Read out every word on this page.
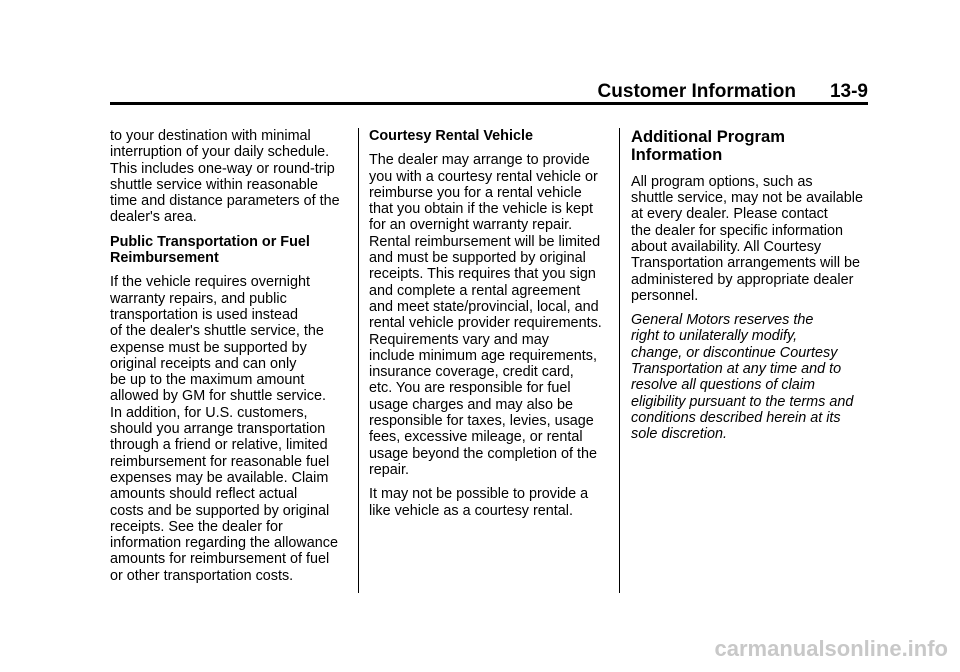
Customer Information 13-9

to your destination with minimal
interruption of your daily schedule.
This includes one-way or round-trip
shuttle service within reasonable
time and distance parameters of the
dealer's area.

Public Transportation or Fuel
Reimbursement

If the vehicle requires overnight
warranty repairs, and public
transportation is used instead
of the dealer's shuttle service, the
expense must be supported by
original receipts and can only
be up to the maximum amount
allowed by GM for shuttle service.
In addition, for U.S. customers,
should you arrange transportation
through a friend or relative, limited
reimbursement for reasonable fuel
expenses may be available. Claim
amounts should reflect actual
costs and be supported by original
receipts. See the dealer for
information regarding the allowance
amounts for reimbursement of fuel
or other transportation costs.

Courtesy Rental Vehicle

The dealer may arrange to provide
you with a courtesy rental vehicle or
reimburse you for a rental vehicle
that you obtain if the vehicle is kept
for an overnight warranty repair.
Rental reimbursement will be limited
and must be supported by original
receipts. This requires that you sign
and complete a rental agreement
and meet state/provincial, local, and
rental vehicle provider requirements.
Requirements vary and may
include minimum age requirements,
insurance coverage, credit card,
etc. You are responsible for fuel
usage charges and may also be
responsible for taxes, levies, usage
fees, excessive mileage, or rental
usage beyond the completion of the
repair.

It may not be possible to provide a
like vehicle as a courtesy rental.

Additional Program
Information

All program options, such as
shuttle service, may not be available
at every dealer. Please contact
the dealer for specific information
about availability. All Courtesy
Transportation arrangements will be
administered by appropriate dealer
personnel.

General Motors reserves the
right to unilaterally modify,
change, or discontinue Courtesy
Transportation at any time and to
resolve all questions of claim
eligibility pursuant to the terms and
conditions described herein at its
sole discretion.

carmanualsonline.info
